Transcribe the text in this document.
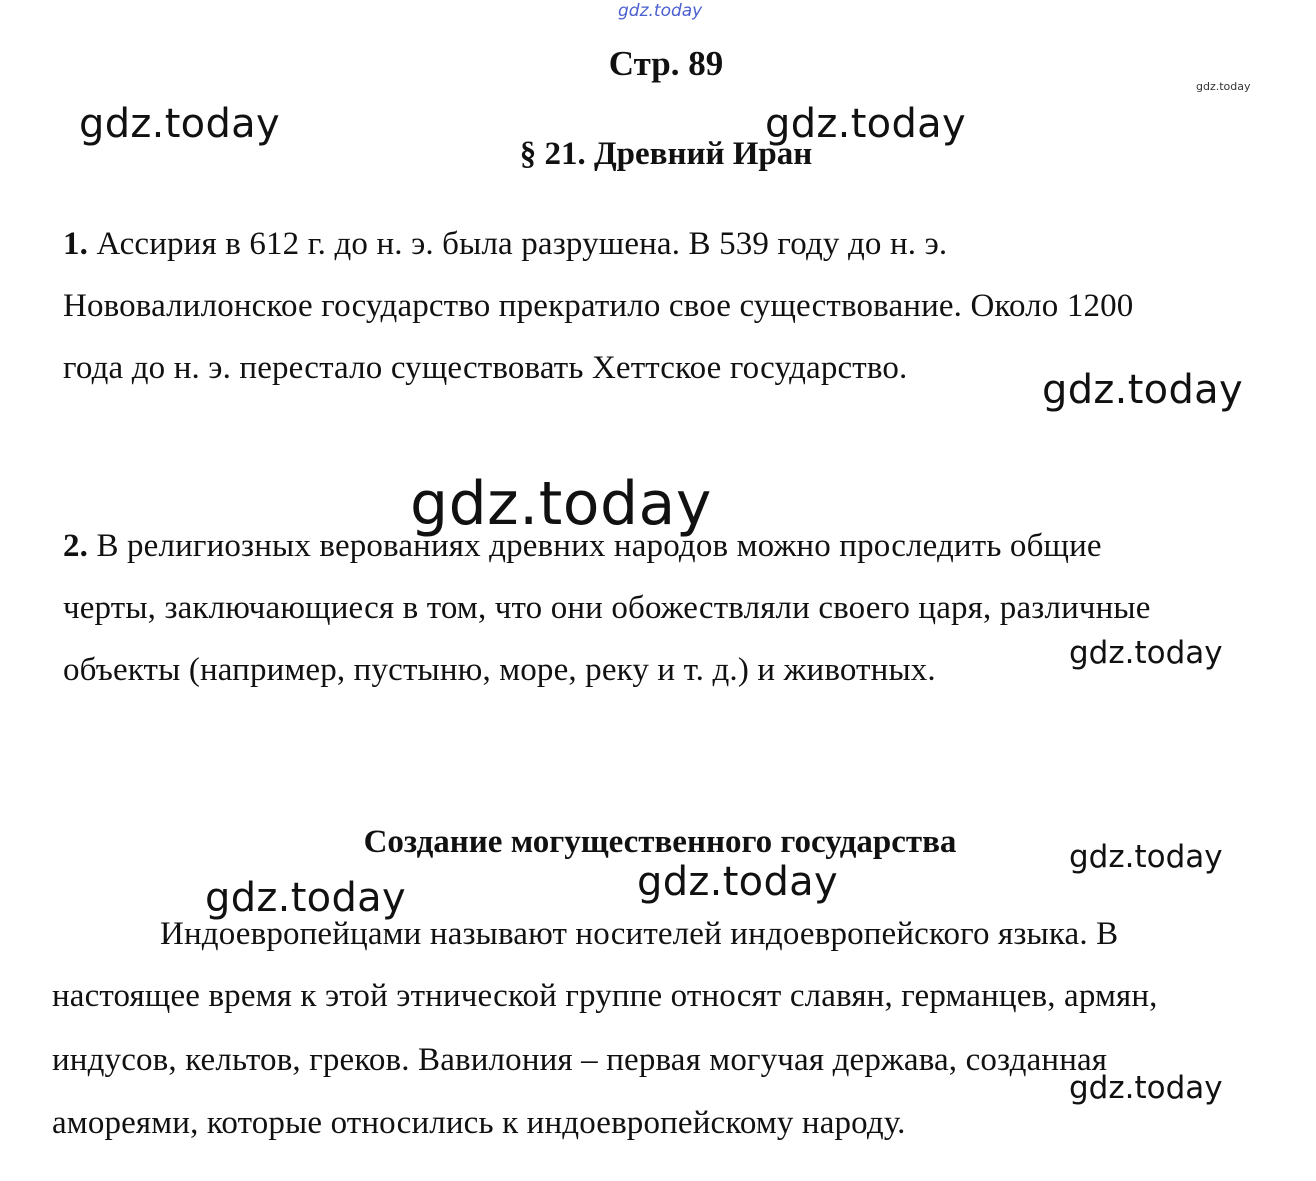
gdz.today
gdz.today
gdz.today	gdz.today
gdz.today
gdz.today
gdz.today
gdz.today
gdz.today
gdz.today
gdz.today
Стр. 89
§ 21. Древний Иран
1. Ассирия в 612 г. до н. э. была разрушена. В 539 году до н. э.
Нововалилонское государство прекратило свое существование. Около 1200
года до н. э. перестало существовать Хеттское государство.
2. В религиозных верованиях древних народов можно проследить общие
черты, заключающиеся в том, что они обожествляли своего царя, различные
объекты (например, пустыню, море, реку и т. д.) и животных.
Создание могущественного государства
Индоевропейцами называют носителей индоевропейского языка. В
настоящее время к этой этнической группе относят славян, германцев, армян,
индусов, кельтов, греков. Вавилония – первая могучая держава, созданная
амореями, которые относились к индоевропейскому народу.
